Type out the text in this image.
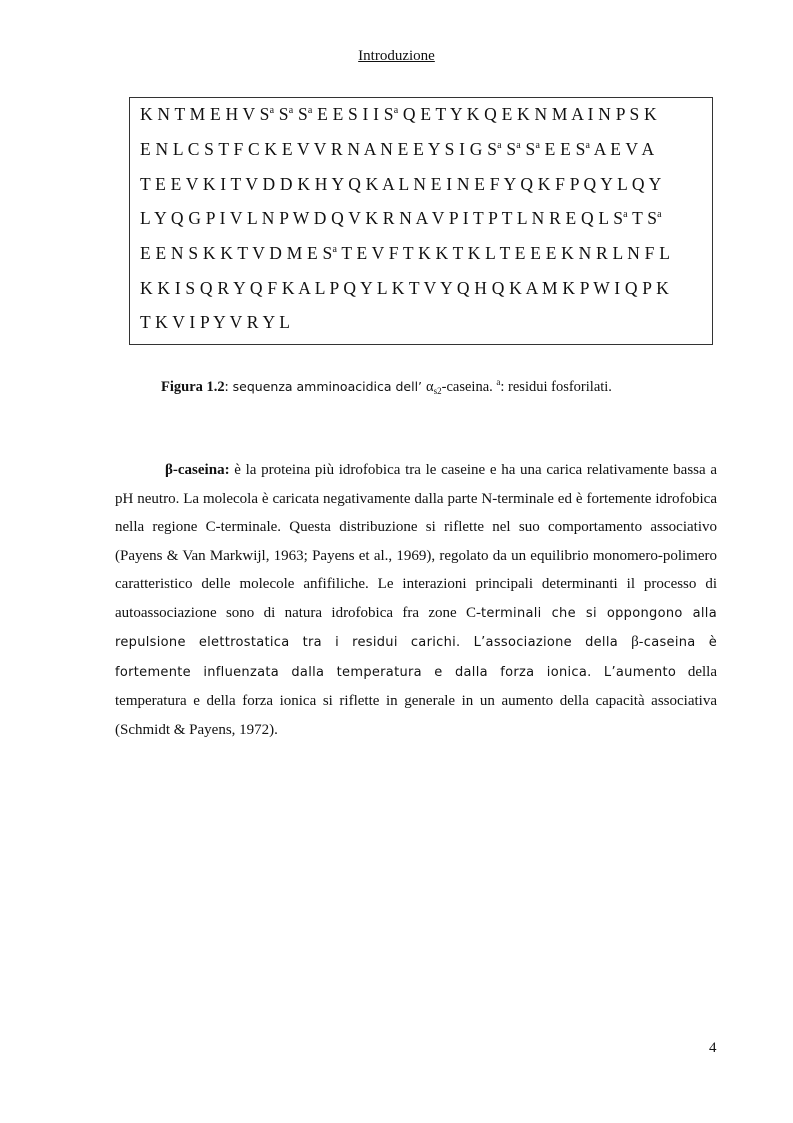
Introduzione
K N T M E H V $S^a$ $S^a$ $S^a$ E E S I I $S^a$ Q E T Y K Q E K N M A I N P S K
E N L C S T F C K E V V R N A N E E Y S I G $S^a$ $S^a$ $S^a$ E E $S^a$ A E V A
T E E V K I T V D D K H Y Q K A L N E I N E F Y Q K F P Q Y L Q Y
L Y Q G P I V L N P W D Q V K R N A V P I T P T L N R E Q L $S^a$ T $S^a$
E E N S K K T V D M E $S^a$ T E V F T K K T K L T E E E K N R L N F L
K K I S Q R Y Q F K A L P Q Y L K T V Y Q H Q K A M K P W I Q P K
T K V I P Y V R Y L
Figura 1.2: sequenza amminoacidica dell’ $\alpha_{s2}$-caseina. $^a$: residui fosforilati.
β-caseina: è la proteina più idrofobica tra le caseine e ha una carica relativamente bassa a pH neutro. La molecola è caricata negativamente dalla parte N-terminale ed è fortemente idrofobica nella regione C-terminale. Questa distribuzione si riflette nel suo comportamento associativo (Payens & Van Markwijl, 1963; Payens et al., 1969), regolato da un equilibrio monomero-polimero caratteristico delle molecole anfifiliche. Le interazioni principali determinanti il processo di autoassociazione sono di natura idrofobica fra zone C-terminali che si oppongono alla repulsione elettrostatica tra i residui carichi. L’associazione della β-caseina è fortemente influenzata dalla temperatura e dalla forza ionica. L’aumento della temperatura e della forza ionica si riflette in generale in un aumento della capacità associativa (Schmidt & Payens, 1972).
4
